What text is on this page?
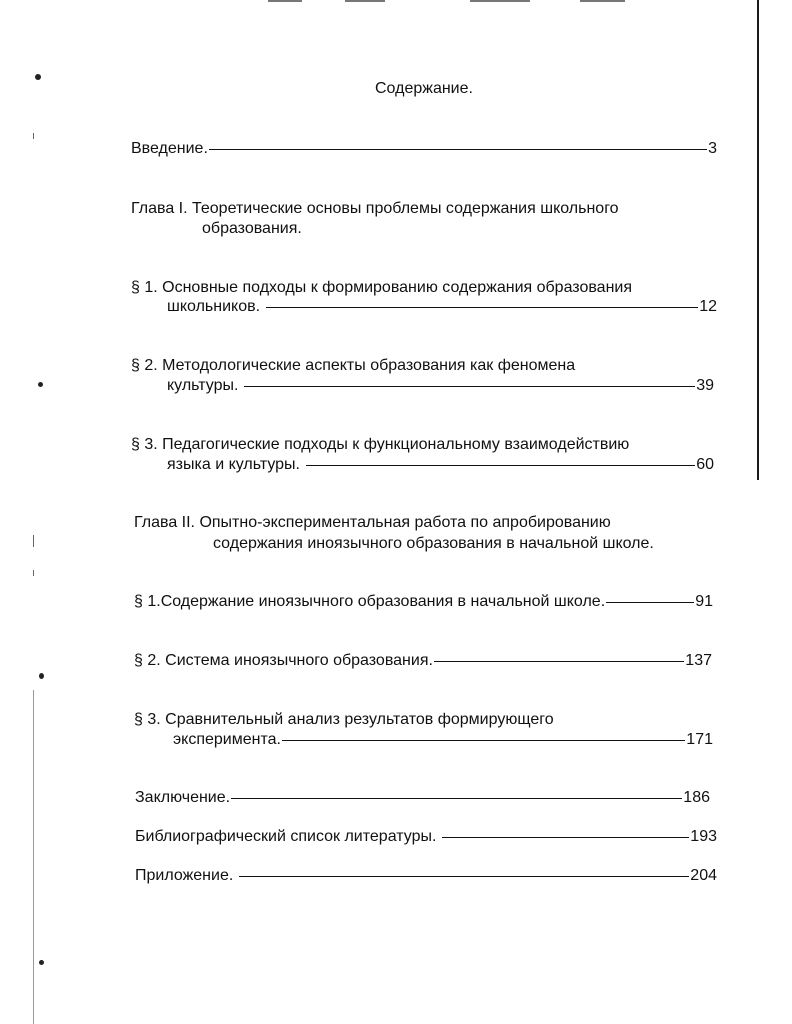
Содержание.
Введение.	3
Глава I. Теоретические основы проблемы содержания школьного
образования.
§ 1. Основные подходы к формированию содержания образования
школьников.	12
§ 2. Методологические аспекты образования как феномена
культуры.	39
§ 3. Педагогические подходы к функциональному взаимодействию
языка и культуры.	60
Глава II. Опытно-экспериментальная работа по апробированию
содержания иноязычного образования в начальной школе.
§ 1.Содержание иноязычного образования в начальной школе.	91
§ 2. Система иноязычного образования.	137
§ 3. Сравнительный анализ результатов формирующего
эксперимента.	171
Заключение.	186
Библиографический список литературы.	193
Приложение.	204
